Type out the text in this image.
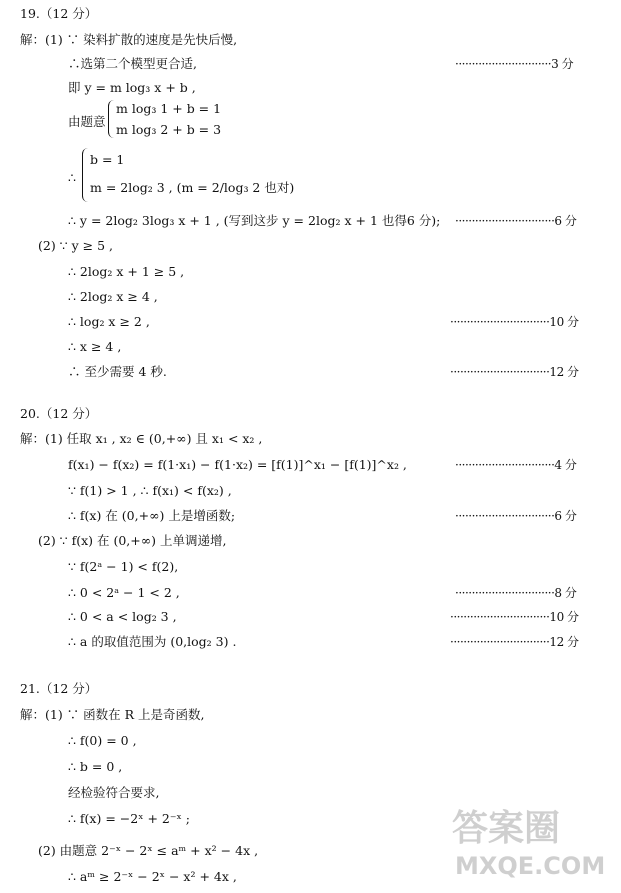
19.（12 分）
解：(1) ∵ 染料扩散的速度是先快后慢,
∴选第二个模型更合适,	·····························3 分
即 y = m log₃ x + b ,
由题意
m log₃ 1 + b = 1
m log₃ 2 + b = 3
∴
b = 1
m = 2log₂ 3 , (m = 2/log₃ 2 也对)
∴ y = 2log₂ 3log₃ x + 1 , (写到这步 y = 2log₂ x + 1 也得6 分); ······························6 分
(2) ∵ y ≥ 5 ,
∴ 2log₂ x + 1 ≥ 5 ,
∴ 2log₂ x ≥ 4 ,
∴ log₂ x ≥ 2 ,	······························10 分
∴ x ≥ 4 ,
∴ 至少需要 4 秒.	······························12 分
20.（12 分）
解：(1) 任取 x₁ , x₂ ∈ (0,+∞) 且 x₁ < x₂ ,
f(x₁) − f(x₂) = f(1·x₁) − f(1·x₂) = [f(1)]^x₁ − [f(1)]^x₂ ,	······························4 分
∵ f(1) > 1 , ∴ f(x₁) < f(x₂) ,
∴ f(x) 在 (0,+∞) 上是增函数;	······························6 分
(2) ∵ f(x) 在 (0,+∞) 上单调递增,
∵ f(2ᵃ − 1) < f(2),
∴ 0 < 2ᵃ − 1 < 2 ,	······························8 分
∴ 0 < a < log₂ 3 ,	······························10 分
∴ a 的取值范围为 (0,log₂ 3) .	······························12 分
21.（12 分）
解：(1) ∵ 函数在 R 上是奇函数,
∴ f(0) = 0 ,
∴ b = 0 ,
经检验符合要求,
∴ f(x) = −2ˣ + 2⁻ˣ ;
(2) 由题意 2⁻ˣ − 2ˣ ≤ aᵐ + x² − 4x ,
∴ aᵐ ≥ 2⁻ˣ − 2ˣ − x² + 4x ,
答案圈
MXQE.COM
